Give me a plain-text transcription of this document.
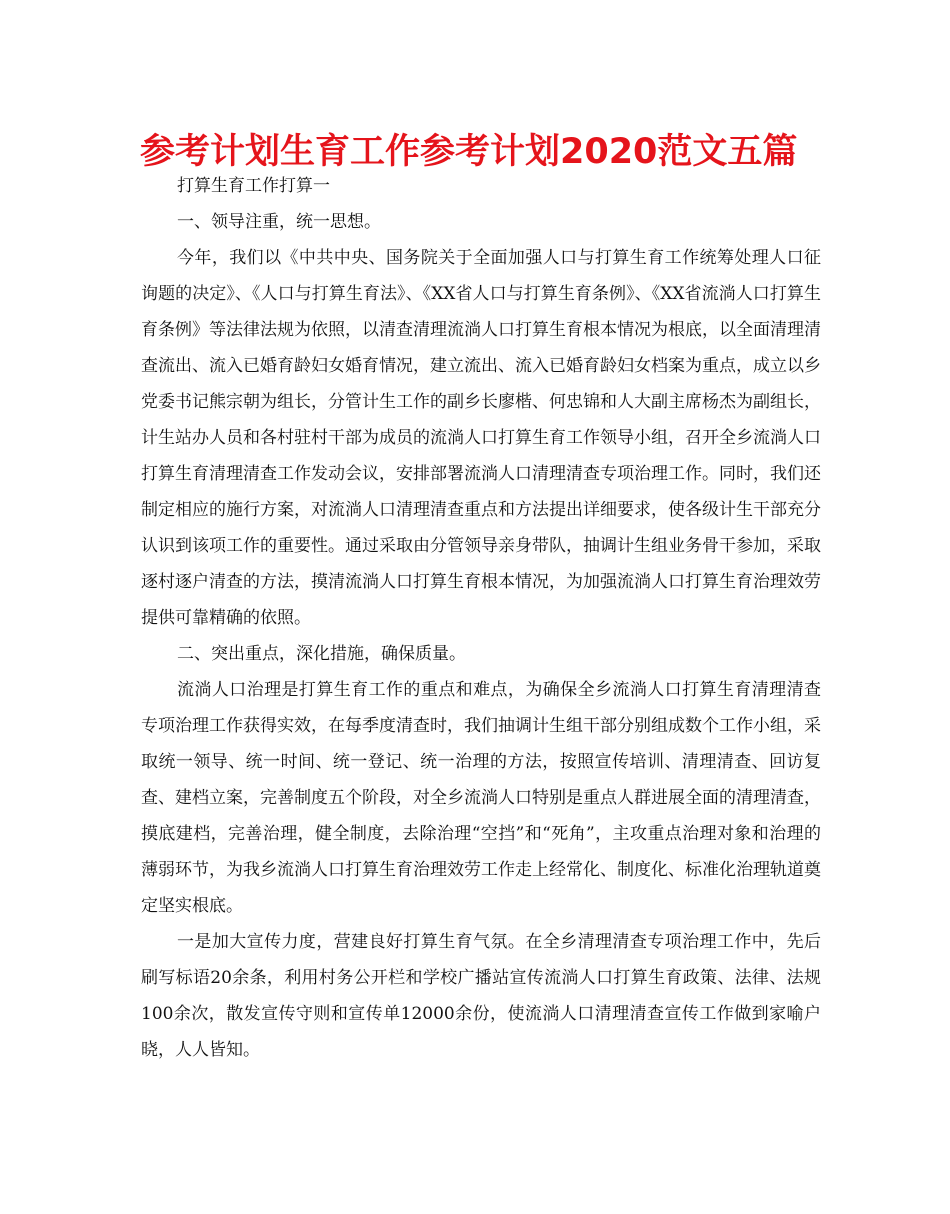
参考计划生育工作参考计划2020范文五篇

打算生育工作打算一

一、领导注重，统一思想。

今年，我们以《中共中央、国务院关于全面加强人口与打算生育工作统筹处理人口征询题的决定》、《人口与打算生育法》、《XX省人口与打算生育条例》、《XX省流淌人口打算生育条例》等法律法规为依照，以清查清理流淌人口打算生育根本情况为根底，以全面清理清查流出、流入已婚育龄妇女婚育情况，建立流出、流入已婚育龄妇女档案为重点，成立以乡党委书记熊宗朝为组长，分管计生工作的副乡长廖楷、何忠锦和人大副主席杨杰为副组长，计生站办人员和各村驻村干部为成员的流淌人口打算生育工作领导小组，召开全乡流淌人口打算生育清理清查工作发动会议，安排部署流淌人口清理清查专项治理工作。同时，我们还制定相应的施行方案，对流淌人口清理清查重点和方法提出详细要求，使各级计生干部充分认识到该项工作的重要性。通过采取由分管领导亲身带队，抽调计生组业务骨干参加，采取逐村逐户清查的方法，摸清流淌人口打算生育根本情况，为加强流淌人口打算生育治理效劳提供可靠精确的依照。

二、突出重点，深化措施，确保质量。

流淌人口治理是打算生育工作的重点和难点，为确保全乡流淌人口打算生育清理清查专项治理工作获得实效，在每季度清查时，我们抽调计生组干部分别组成数个工作小组，采取统一领导、统一时间、统一登记、统一治理的方法，按照宣传培训、清理清查、回访复查、建档立案，完善制度五个阶段，对全乡流淌人口特别是重点人群进展全面的清理清查，摸底建档，完善治理，健全制度，去除治理“空挡”和“死角”，主攻重点治理对象和治理的薄弱环节，为我乡流淌人口打算生育治理效劳工作走上经常化、制度化、标准化治理轨道奠定坚实根底。

一是加大宣传力度，营建良好打算生育气氛。在全乡清理清查专项治理工作中，先后刷写标语20余条，利用村务公开栏和学校广播站宣传流淌人口打算生育政策、法律、法规100余次，散发宣传守则和宣传单12000余份，使流淌人口清理清查宣传工作做到家喻户晓，人人皆知。
